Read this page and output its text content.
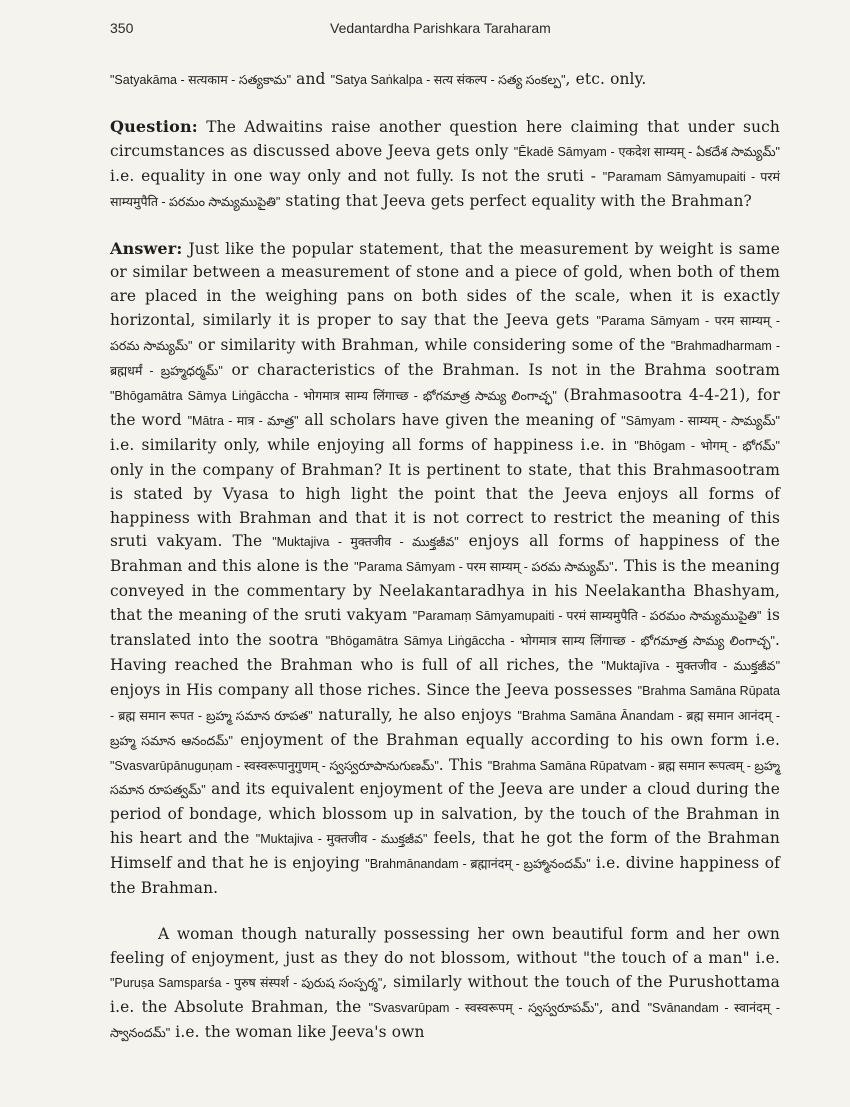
350	Vedantardha Parishkara Taraharam

"Satyakāma - सत्यकाम - సత్యకామ" and "Satya Saṅkalpa - सत्य संकल्प - సత్య సంకల్ప", etc. only.

Question: The Adwaitins raise another question here claiming that under such circumstances as discussed above Jeeva gets only "Ēkadē Sāmyam - एकदेश साम्यम् - ఏకదేశ సామ్యమ్" i.e. equality in one way only and not fully. Is not the sruti - "Paramam Sāmyamupaiti - परमं साम्यमुपैति - పరమం సామ్యముపైతి" stating that Jeeva gets perfect equality with the Brahman?

Answer: Just like the popular statement, that the measurement by weight is same or similar between a measurement of stone and a piece of gold, when both of them are placed in the weighing pans on both sides of the scale, when it is exactly horizontal, similarly it is proper to say that the Jeeva gets "Parama Sāmyam - परम साम्यम् - పరమ సామ్యమ్" or similarity with Brahman, while considering some of the "Brahmadharmam - ब्रह्मधर्मं - బ్రహ్మధర్మమ్" or characteristics of the Brahman. Is not in the Brahma sootram "Bhōgamātra Sāmya Liṅgāccha - भोगमात्र साम्य लिंगाच्छ - భోగమాత్ర సామ్య లింగాచ్ఛ" (Brahmasootra 4-4-21), for the word "Mātra - मात्र - మాత్ర" all scholars have given the meaning of "Sāmyam - साम्यम् - సామ్యమ్" i.e. similarity only, while enjoying all forms of happiness i.e. in "Bhōgam - भोगम् - భోగమ్" only in the company of Brahman? It is pertinent to state, that this Brahmasootram is stated by Vyasa to high light the point that the Jeeva enjoys all forms of happiness with Brahman and that it is not correct to restrict the meaning of this sruti vakyam. The "Muktajiva - मुक्तजीव - ముక్తజీవ" enjoys all forms of happiness of the Brahman and this alone is the "Parama Sāmyam - परम साम्यम् - పరమ సామ్యమ్". This is the meaning conveyed in the commentary by Neelakantaradhya in his Neelakantha Bhashyam, that the meaning of the sruti vakyam "Paramaṃ Sāmyamupaiti - परमं साम्यमुपैति - పరమం సామ్యముపైతి" is translated into the sootra "Bhōgamātra Sāmya Liṅgāccha - भोगमात्र साम्य लिंगाच्छ - భోగమాత్ర సామ్య లింగాచ్ఛ". Having reached the Brahman who is full of all riches, the "Muktajīva - मुक्तजीव - ముక్తజీవ" enjoys in His company all those riches. Since the Jeeva possesses "Brahma Samāna Rūpata - ब्रह्म समान रूपत - బ్రహ్మ సమాన రూపత" naturally, he also enjoys "Brahma Samāna Ānandam - ब्रह्म समान आनंदम् - బ్రహ్మ సమాన ఆనందమ్" enjoyment of the Brahman equally according to his own form i.e. "Svasvarūpānuguṇam - स्वस्वरूपानुगुणम् - స్వస్వరూపానుగుణమ్". This "Brahma Samāna Rūpatvam - ब्रह्म समान रूपत्वम् - బ్రహ్మ సమాన రూపత్వమ్" and its equivalent enjoyment of the Jeeva are under a cloud during the period of bondage, which blossom up in salvation, by the touch of the Brahman in his heart and the "Muktajiva - मुक्तजीव - ముక్తజీవ" feels, that he got the form of the Brahman Himself and that he is enjoying "Brahmānandam - ब्रह्मानंदम् - బ్రహ్మానందమ్" i.e. divine happiness of the Brahman.

A woman though naturally possessing her own beautiful form and her own feeling of enjoyment, just as they do not blossom, without "the touch of a man" i.e. "Puruṣa Samsparśa - पुरुष संस्पर्श - పురుష సంస్పర్శ", similarly without the touch of the Purushottama i.e. the Absolute Brahman, the "Svasvarūpam - स्वस्वरूपम् - స్వస్వరూపమ్", and "Svānandam - स्वानंदम् - స్వానందమ్" i.e. the woman like Jeeva's own
